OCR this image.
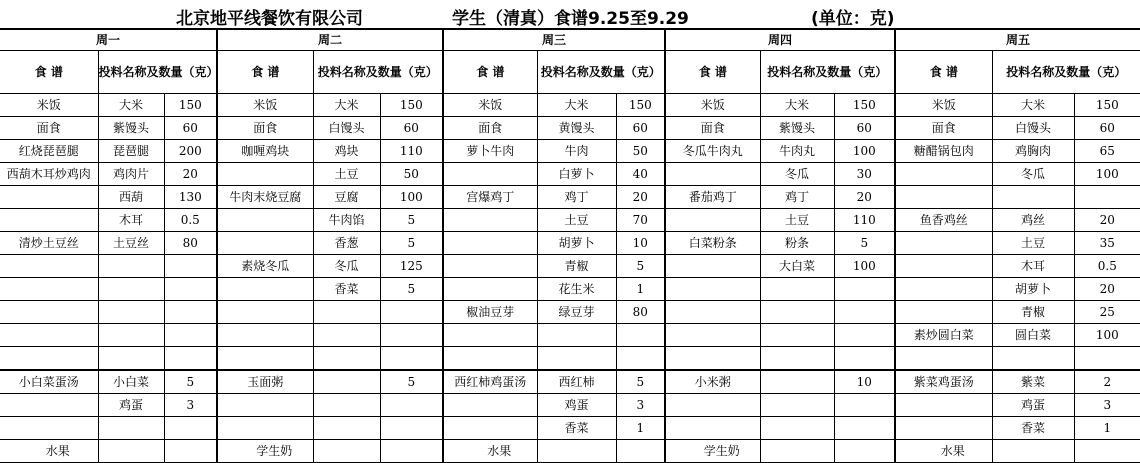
北京地平线餐饮有限公司	学生（清真）食谱9.25至9.29	(单位：克)
周一			周二			周三			周四			周五		
食 谱	投料名称及数量（克）		食 谱	投料名称及数量（克）		食 谱	投料名称及数量（克）		食 谱	投料名称及数量（克）		食 谱	投料名称及数量（克）	
米饭	大米	150	米饭	大米	150	米饭	大米	150	米饭	大米	150	米饭	大米	150
面食	紫馒头	60	面食	白馒头	60	面食	黄馒头	60	面食	紫馒头	60	面食	白馒头	60
红烧琵琶腿	琵琶腿	200	咖喱鸡块	鸡块	110	萝卜牛肉	牛肉	50	冬瓜牛肉丸	牛肉丸	100	糖醋锅包肉	鸡胸肉	65
西葫木耳炒鸡肉	鸡肉片	20		土豆	50		白萝卜	40		冬瓜	30		冬瓜	100
	西葫	130	牛肉末烧豆腐	豆腐	100	宫爆鸡丁	鸡丁	20	番茄鸡丁	鸡丁	20			
	木耳	0.5		牛肉馅	5		土豆	70		土豆	110	鱼香鸡丝	鸡丝	20
清炒土豆丝	土豆丝	80		香葱	5		胡萝卜	10	白菜粉条	粉条	5		土豆	35
			素烧冬瓜	冬瓜	125		青椒	5		大白菜	100		木耳	0.5
				香菜	5		花生米	1					胡萝卜	20
						椒油豆芽	绿豆芽	80					青椒	25
												素炒圆白菜	圆白菜	100

小白菜蛋汤	小白菜	5	玉面粥		5	西红柿鸡蛋汤	西红柿	5	小米粥		10	紫菜鸡蛋汤	紫菜	2
	鸡蛋	3					鸡蛋	3					鸡蛋	3
							香菜	1					香菜	1
水果			学生奶			水果			学生奶			水果		
